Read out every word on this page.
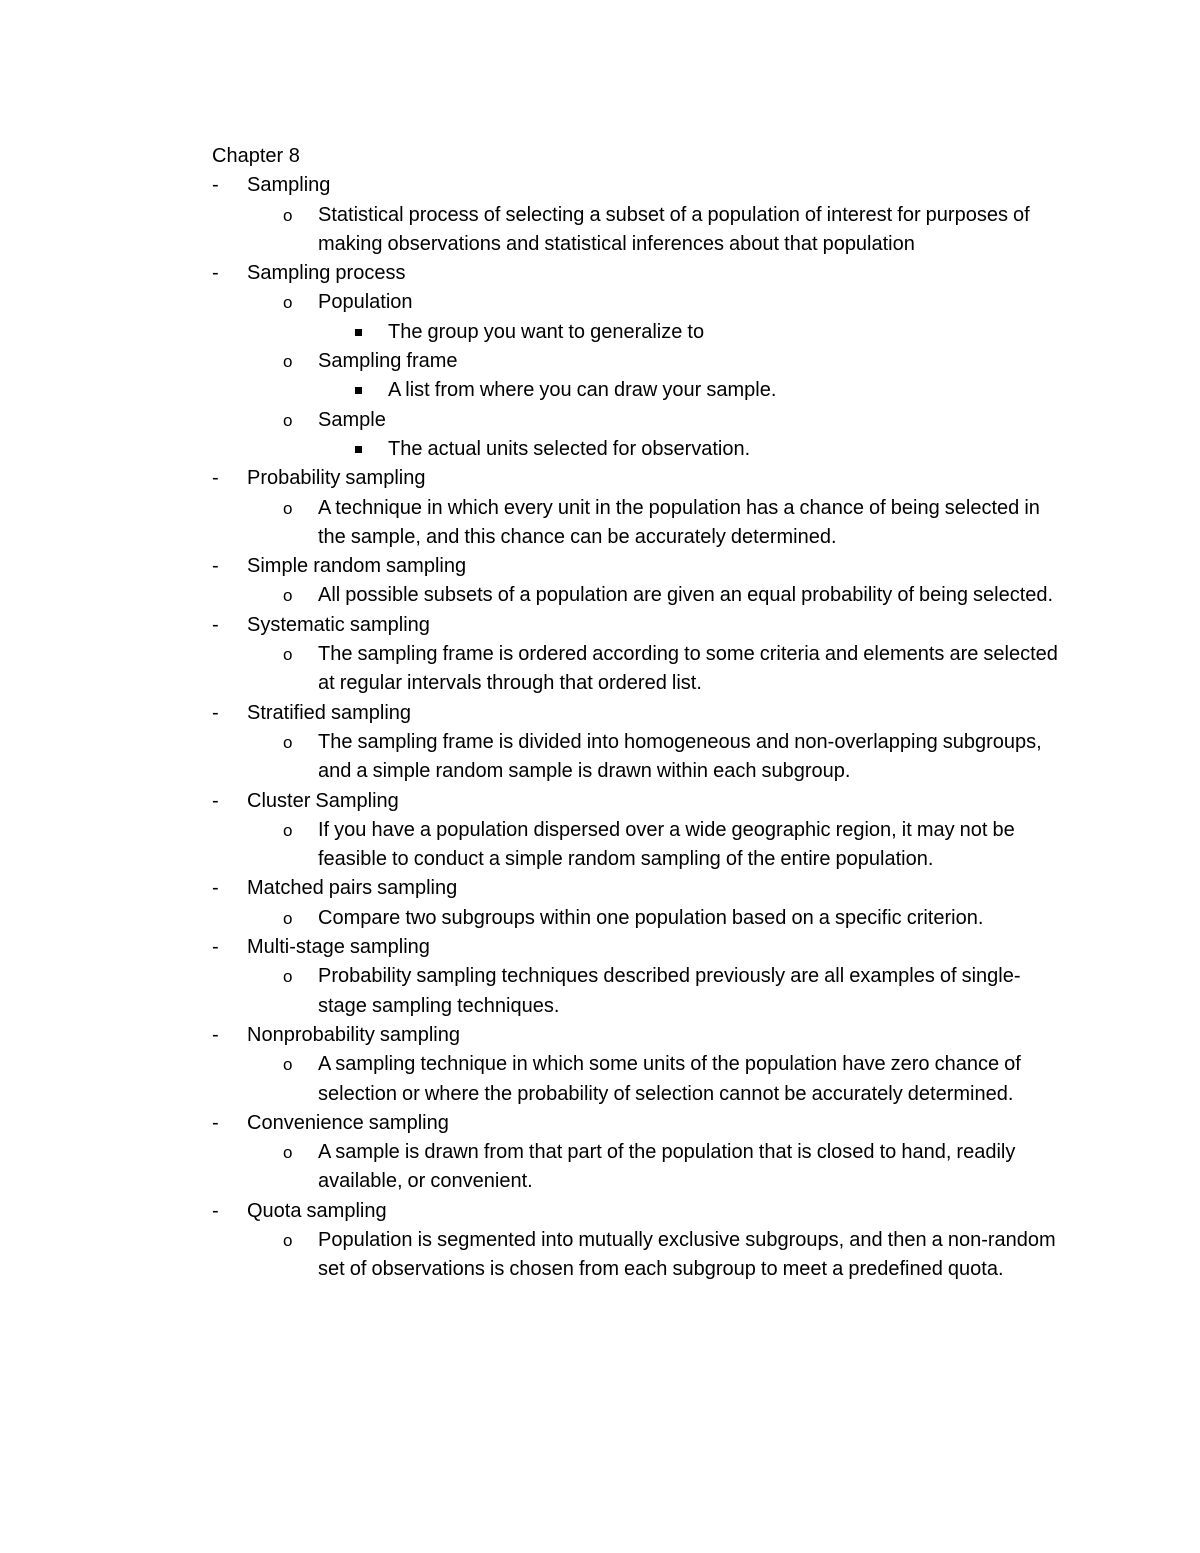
Chapter 8
- Sampling
o Statistical process of selecting a subset of a population of interest for purposes of making observations and statistical inferences about that population
- Sampling process
o Population
The group you want to generalize to
o Sampling frame
A list from where you can draw your sample.
o Sample
The actual units selected for observation.
- Probability sampling
o A technique in which every unit in the population has a chance of being selected in the sample, and this chance can be accurately determined.
- Simple random sampling
o All possible subsets of a population are given an equal probability of being selected.
- Systematic sampling
o The sampling frame is ordered according to some criteria and elements are selected at regular intervals through that ordered list.
- Stratified sampling
o The sampling frame is divided into homogeneous and non-overlapping subgroups, and a simple random sample is drawn within each subgroup.
- Cluster Sampling
o If you have a population dispersed over a wide geographic region, it may not be feasible to conduct a simple random sampling of the entire population.
- Matched pairs sampling
o Compare two subgroups within one population based on a specific criterion.
- Multi-stage sampling
o Probability sampling techniques described previously are all examples of single-stage sampling techniques.
- Nonprobability sampling
o A sampling technique in which some units of the population have zero chance of selection or where the probability of selection cannot be accurately determined.
- Convenience sampling
o A sample is drawn from that part of the population that is closed to hand, readily available, or convenient.
- Quota sampling
o Population is segmented into mutually exclusive subgroups, and then a non-random set of observations is chosen from each subgroup to meet a predefined quota.
